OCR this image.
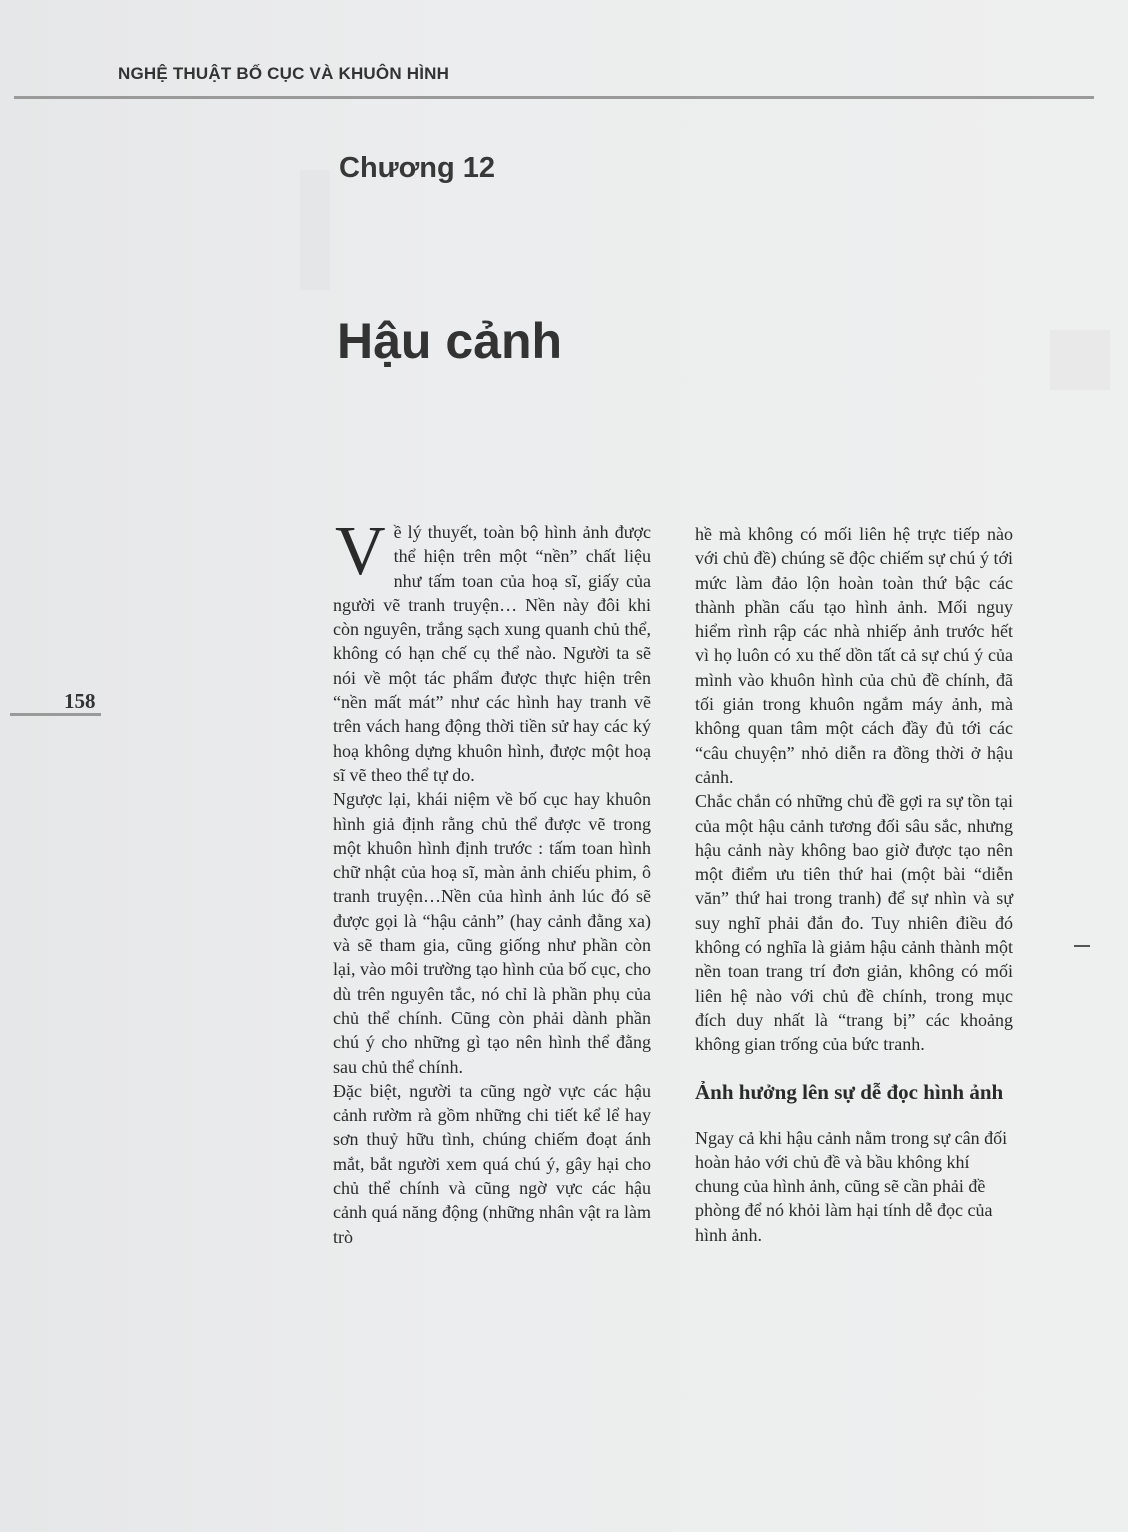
NGHỆ THUẬT BỐ CỤC VÀ KHUÔN HÌNH
Chương 12
Hậu cảnh
158

Về lý thuyết, toàn bộ hình ảnh được thể hiện trên một “nền” chất liệu như tấm toan của hoạ sĩ, giấy của người vẽ tranh truyện… Nền này đôi khi còn nguyên, trắng sạch xung quanh chủ thể, không có hạn chế cụ thể nào. Người ta sẽ nói về một tác phẩm được thực hiện trên “nền mất mát” như các hình hay tranh vẽ trên vách hang động thời tiền sử hay các ký hoạ không dựng khuôn hình, được một hoạ sĩ vẽ theo thể tự do.

Ngược lại, khái niệm về bố cục hay khuôn hình giả định rằng chủ thể được vẽ trong một khuôn hình định trước : tấm toan hình chữ nhật của hoạ sĩ, màn ảnh chiếu phim, ô tranh truyện…Nền của hình ảnh lúc đó sẽ được gọi là “hậu cảnh” (hay cảnh đằng xa) và sẽ tham gia, cũng giống như phần còn lại, vào môi trường tạo hình của bố cục, cho dù trên nguyên tắc, nó chỉ là phần phụ của chủ thể chính. Cũng còn phải dành phần chú ý cho những gì tạo nên hình thể đằng sau chủ thể chính.

Đặc biệt, người ta cũng ngờ vực các hậu cảnh rườm rà gồm những chi tiết kể lể hay sơn thuỷ hữu tình, chúng chiếm đoạt ánh mắt, bắt người xem quá chú ý, gây hại cho chủ thể chính và cũng ngờ vực các hậu cảnh quá năng động (những nhân vật ra làm trò

hề mà không có mối liên hệ trực tiếp nào với chủ đề) chúng sẽ độc chiếm sự chú ý tới mức làm đảo lộn hoàn toàn thứ bậc các thành phần cấu tạo hình ảnh. Mối nguy hiểm rình rập các nhà nhiếp ảnh trước hết vì họ luôn có xu thế dồn tất cả sự chú ý của mình vào khuôn hình của chủ đề chính, đã tối giản trong khuôn ngắm máy ảnh, mà không quan tâm một cách đầy đủ tới các “câu chuyện” nhỏ diễn ra đồng thời ở hậu cảnh.

Chắc chắn có những chủ đề gợi ra sự tồn tại của một hậu cảnh tương đối sâu sắc, nhưng hậu cảnh này không bao giờ được tạo nên một điểm ưu tiên thứ hai (một bài “diễn văn” thứ hai trong tranh) để sự nhìn và sự suy nghĩ phải đắn đo. Tuy nhiên điều đó không có nghĩa là giảm hậu cảnh thành một nền toan trang trí đơn giản, không có mối liên hệ nào với chủ đề chính, trong mục đích duy nhất là “trang bị” các khoảng không gian trống của bức tranh.

Ảnh hưởng lên sự dễ đọc hình ảnh

Ngay cả khi hậu cảnh nằm trong sự cân đối hoàn hảo với chủ đề và bầu không khí chung của hình ảnh, cũng sẽ cần phải đề phòng để nó khỏi làm hại tính dễ đọc của hình ảnh.
